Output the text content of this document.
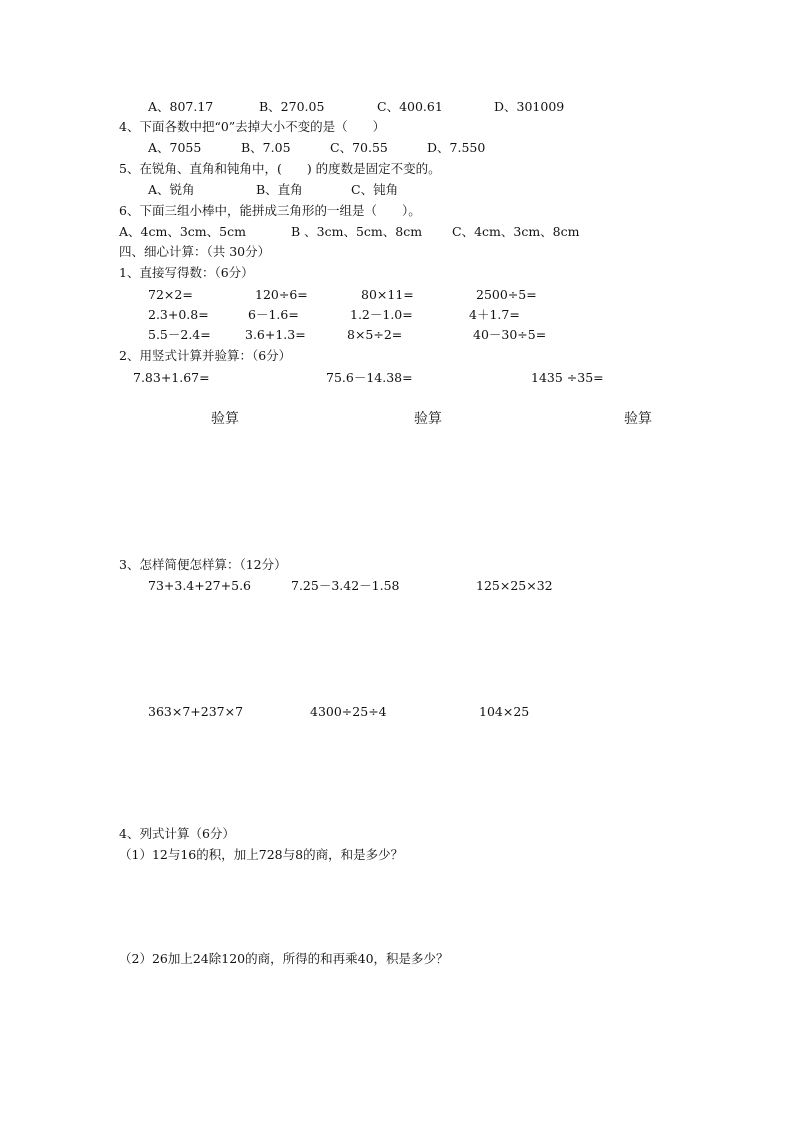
A、807.17	B、270.05	C、400.61	D、301009
4、下面各数中把“0”去掉大小不变的是（　　）
A、7055	B、7.05	C、70.55	D、7.550
5、在锐角、直角和钝角中，(　　) 的度数是固定不变的。
A、锐角	B、直角	C、钝角
6、下面三组小棒中，能拼成三角形的一组是（　　）。
A、4cm、3cm、5cm	B 、3cm、5cm、8cm C、4cm、3cm、8cm
四、细心计算：（共 30分）
1、直接写得数：（6分）
72×2=	120÷6=	80×11=	2500÷5=
2.3+0.8=	6－1.6=	1.2－1.0=	4＋1.7=
5.5－2.4=	3.6+1.3=	8×5÷2=	40－30÷5=
2、用竖式计算并验算：（6分）
7.83+1.67=	75.6－14.38=	1435 ÷35=
验算	验算	验算
3、怎样简便怎样算：（12分）
73+3.4+27+5.6	7.25－3.42－1.58	125×25×32
363×7+237×7	4300÷25÷4	104×25
4、列式计算（6分）
（1）12与16的积，加上728与8的商，和是多少？
（2）26加上24除120的商，所得的和再乘40，积是多少？
